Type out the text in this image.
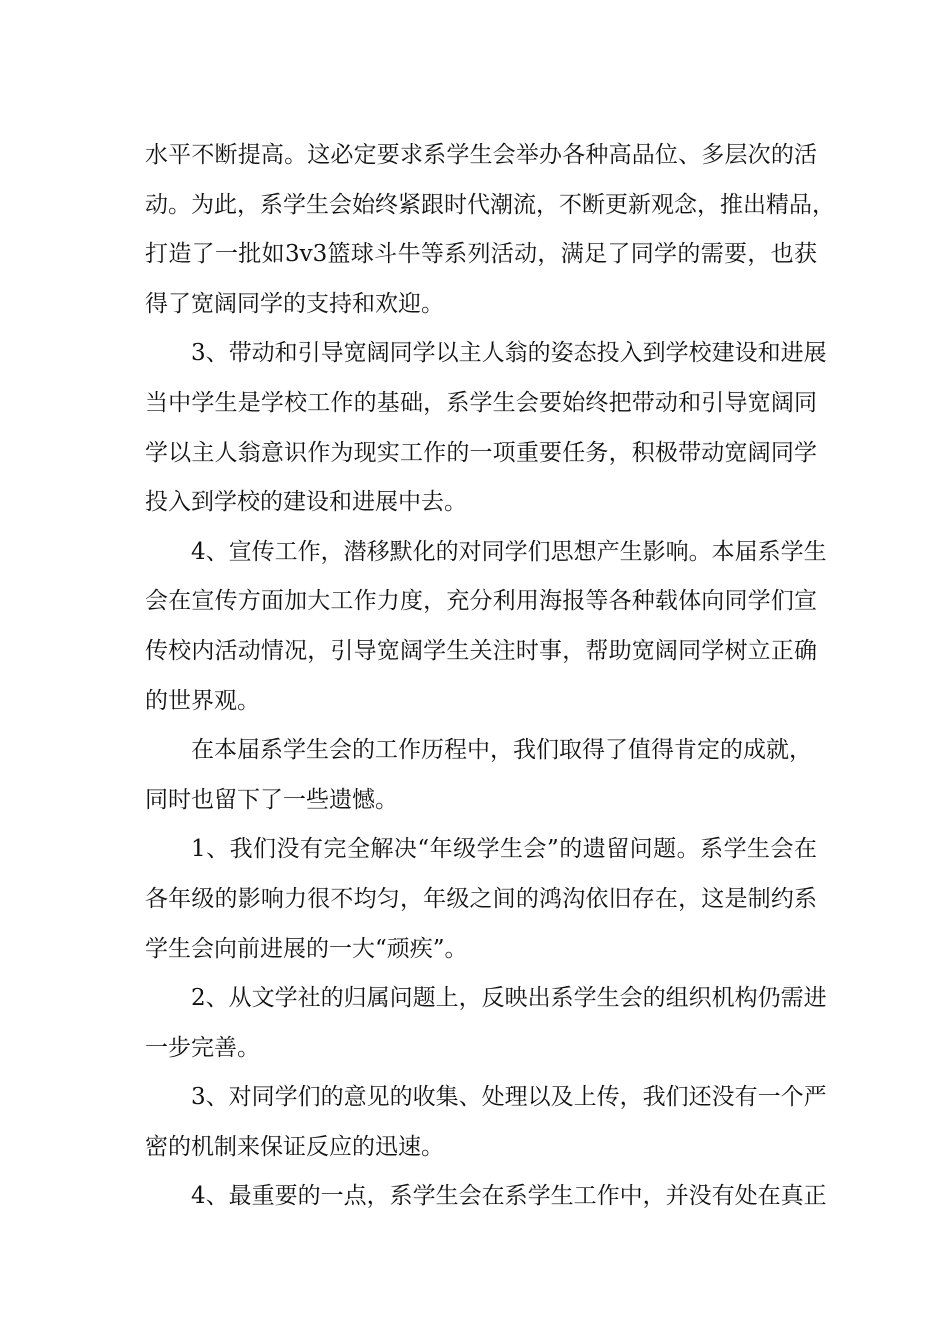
水平不断提高。这必定要求系学生会举办各种高品位、多层次的活
动。为此，系学生会始终紧跟时代潮流，不断更新观念，推出精品，
打造了一批如3v3篮球斗牛等系列活动，满足了同学的需要，也获
得了宽阔同学的支持和欢迎。
3、带动和引导宽阔同学以主人翁的姿态投入到学校建设和进展
当中学生是学校工作的基础，系学生会要始终把带动和引导宽阔同
学以主人翁意识作为现实工作的一项重要任务，积极带动宽阔同学
投入到学校的建设和进展中去。
4、宣传工作，潜移默化的对同学们思想产生影响。本届系学生
会在宣传方面加大工作力度，充分利用海报等各种载体向同学们宣
传校内活动情况，引导宽阔学生关注时事，帮助宽阔同学树立正确
的世界观。
在本届系学生会的工作历程中，我们取得了值得肯定的成就，
同时也留下了一些遗憾。
1、我们没有完全解决“年级学生会”的遗留问题。系学生会在
各年级的影响力很不均匀，年级之间的鸿沟依旧存在，这是制约系
学生会向前进展的一大“顽疾”。
2、从文学社的归属问题上，反映出系学生会的组织机构仍需进
一步完善。
3、对同学们的意见的收集、处理以及上传，我们还没有一个严
密的机制来保证反应的迅速。
4、最重要的一点，系学生会在系学生工作中，并没有处在真正
